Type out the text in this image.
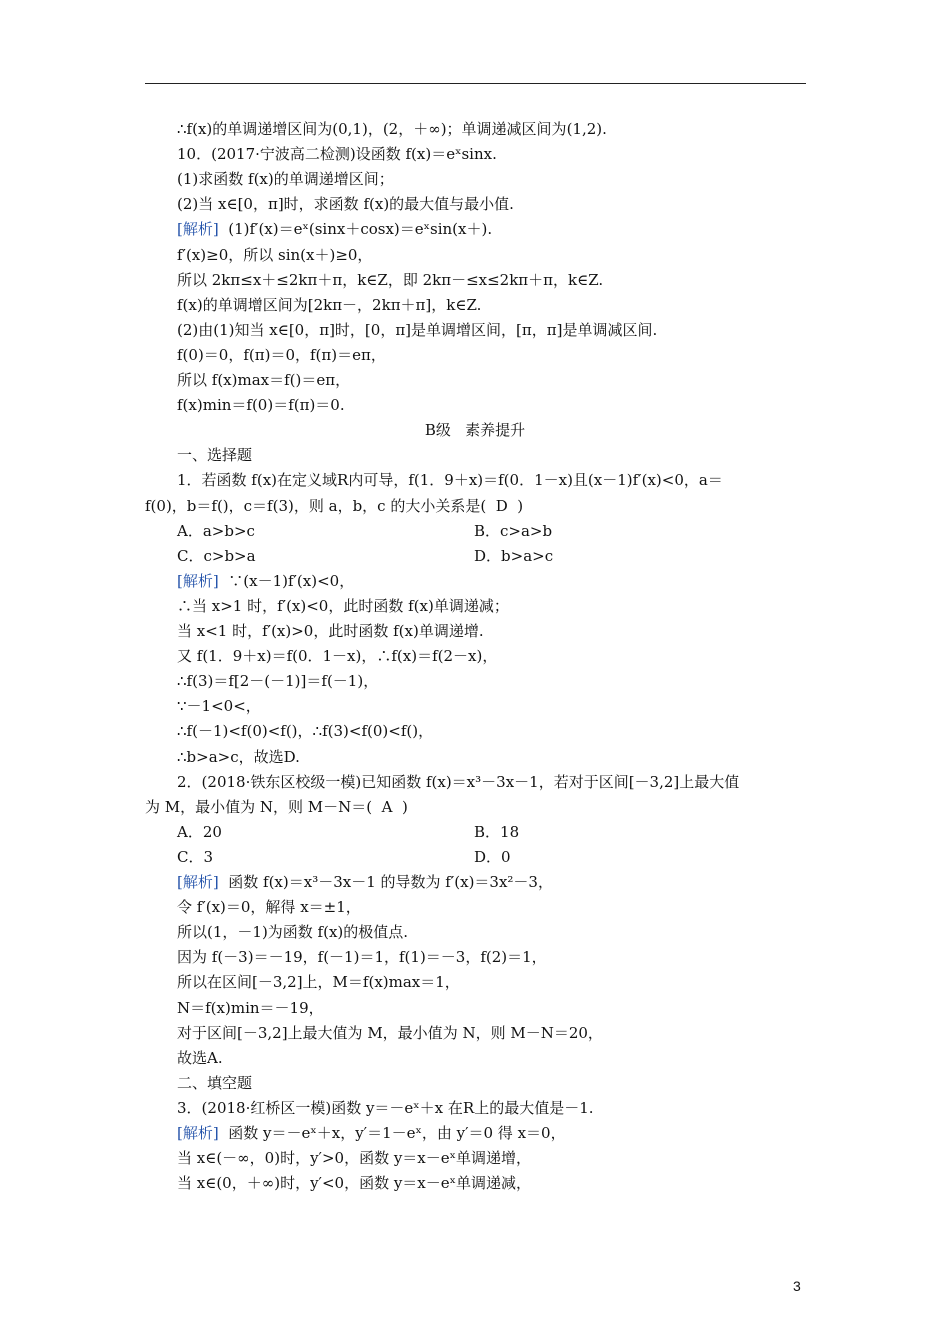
∴f(x)的单调递增区间为(0,1)，(2，＋∞)；单调递减区间为(1,2).
10．(2017·宁波高二检测)设函数 f(x)＝eˣsinx.
(1)求函数 f(x)的单调递增区间；
(2)当 x∈[0，π]时，求函数 f(x)的最大值与最小值.
[解析]  (1)f′(x)＝eˣ(sinx＋cosx)＝eˣsin(x＋).
f′(x)≥0，所以 sin(x＋)≥0，
所以 2kπ≤x＋≤2kπ＋π，k∈Z，即 2kπ－≤x≤2kπ＋π，k∈Z.
f(x)的单调增区间为[2kπ－，2kπ＋π]，k∈Z.
(2)由(1)知当 x∈[0，π]时，[0，π]是单调增区间，[π，π]是单调减区间.
f(0)＝0，f(π)＝0，f(π)＝eπ，
所以 f(x)max＝f()＝eπ，
f(x)min＝f(0)＝f(π)＝0.
B级   素养提升
一、选择题
1．若函数 f(x)在定义域R内可导，f(1．9＋x)＝f(0．1－x)且(x－1)f′(x)<0，a＝
f(0)，b＝f()，c＝f(3)，则 a，b，c 的大小关系是(  D  )
A．a>b>c	B．c>a>b
C．c>b>a	D．b>a>c
[解析]  ∵(x－1)f′(x)<0，
∴当 x>1 时，f′(x)<0，此时函数 f(x)单调递减；
当 x<1 时，f′(x)>0，此时函数 f(x)单调递增.
又 f(1．9＋x)＝f(0．1－x)，∴f(x)＝f(2－x)，
∴f(3)＝f[2－(－1)]＝f(－1)，
∵－1<0<，
∴f(－1)<f(0)<f()，∴f(3)<f(0)<f()，
∴b>a>c，故选D.
2．(2018·铁东区校级一模)已知函数 f(x)＝x³－3x－1，若对于区间[－3,2]上最大值
为 M，最小值为 N，则 M－N＝(  A  )
A．20	B．18
C．3	D．0
[解析]  函数 f(x)＝x³－3x－1 的导数为 f′(x)＝3x²－3，
令 f′(x)＝0，解得 x＝±1，
所以(1，－1)为函数 f(x)的极值点.
因为 f(－3)＝－19，f(－1)＝1，f(1)＝－3，f(2)＝1，
所以在区间[－3,2]上，M＝f(x)max＝1，
N＝f(x)min＝－19，
对于区间[－3,2]上最大值为 M，最小值为 N，则 M－N＝20，
故选A.
二、填空题
3．(2018·红桥区一模)函数 y＝－eˣ＋x 在R上的最大值是－1.
[解析]  函数 y＝－eˣ＋x，y′＝1－eˣ，由 y′＝0 得 x＝0，
当 x∈(－∞，0)时，y′>0，函数 y＝x－eˣ单调递增，
当 x∈(0，＋∞)时，y′<0，函数 y＝x－eˣ单调递减，
3
